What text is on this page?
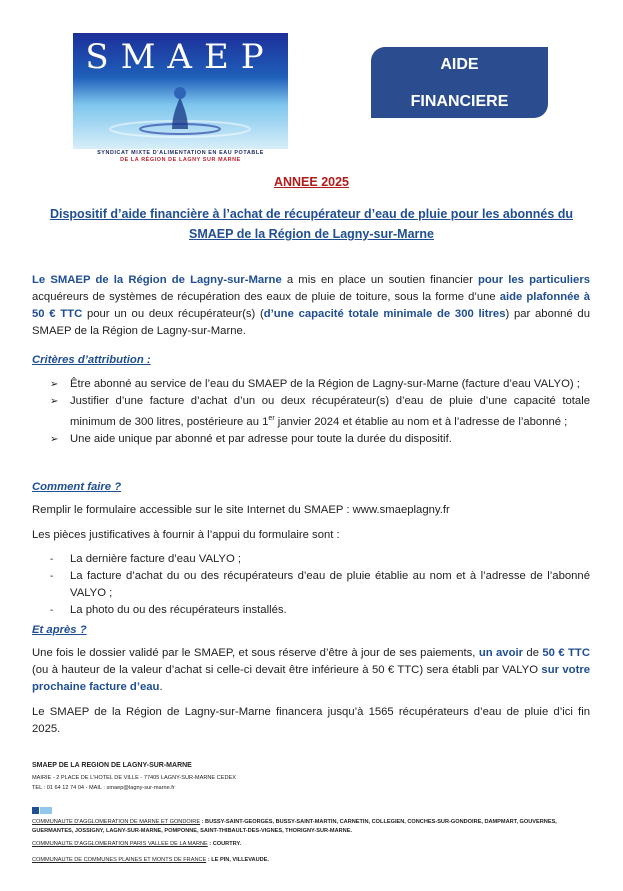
SMAEP
SYNDICAT MIXTE D'ALIMENTATION EN EAU POTABLE
DE LA RÉGION DE LAGNY SUR MARNE
AIDE
FINANCIERE
ANNEE 2025
Dispositif d’aide financière à l’achat de récupérateur d’eau de pluie pour les abonnés du SMAEP de la Région de Lagny-sur-Marne
Le SMAEP de la Région de Lagny-sur-Marne a mis en place un soutien financier pour les particuliers acquéreurs de systèmes de récupération des eaux de pluie de toiture, sous la forme d’une aide plafonnée à 50 € TTC pour un ou deux récupérateur(s) (d’une capacité totale minimale de 300 litres) par abonné du SMAEP de la Région de Lagny-sur-Marne.
Critères d’attribution :
➢ Être abonné au service de l’eau du SMAEP de la Région de Lagny-sur-Marne (facture d’eau VALYO) ;
➢ Justifier d’une facture d’achat d’un ou deux récupérateur(s) d’eau de pluie d’une capacité totale minimum de 300 litres, postérieure au 1er janvier 2024 et établie au nom et à l’adresse de l’abonné ;
➢ Une aide unique par abonné et par adresse pour toute la durée du dispositif.
Comment faire ?
Remplir le formulaire accessible sur le site Internet du SMAEP : www.smaeplagny.fr
Les pièces justificatives à fournir à l’appui du formulaire sont :
- La dernière facture d’eau VALYO ;
- La facture d’achat du ou des récupérateurs d’eau de pluie établie au nom et à l’adresse de l’abonné VALYO ;
- La photo du ou des récupérateurs installés.
Et après ?
Une fois le dossier validé par le SMAEP, et sous réserve d’être à jour de ses paiements, un avoir de 50 € TTC (ou à hauteur de la valeur d’achat si celle-ci devait être inférieure à 50 € TTC) sera établi par VALYO sur votre prochaine facture d’eau.
Le SMAEP de la Région de Lagny-sur-Marne financera jusqu’à 1565 récupérateurs d’eau de pluie d’ici fin 2025.
SMAEP DE LA REGION DE LAGNY-SUR-MARNE
MAIRIE - 2 PLACE DE L'HOTEL DE VILLE - 77405 LAGNY-SUR-MARNE CEDEX
TEL : 01 64 12 74 04 - MAIL : smaep@lagny-sur-marne.fr
COMMUNAUTE D'AGGLOMERATION DE MARNE ET GONDOIRE : BUSSY-SAINT-GEORGES, BUSSY-SAINT-MARTIN, CARNETIN, COLLEGIEN, CONCHES-SUR-GONDOIRE, DAMPMART, GOUVERNES, GUERMANTES, JOSSIGNY, LAGNY-SUR-MARNE, POMPONNE, SAINT-THIBAULT-DES-VIGNES, THORIGNY-SUR-MARNE.
COMMUNAUTE D'AGGLOMERATION PARIS VALLEE DE LA MARNE : COURTRY.
COMMUNAUTE DE COMMUNES PLAINES ET MONTS DE FRANCE : LE PIN, VILLEVAUDE.
